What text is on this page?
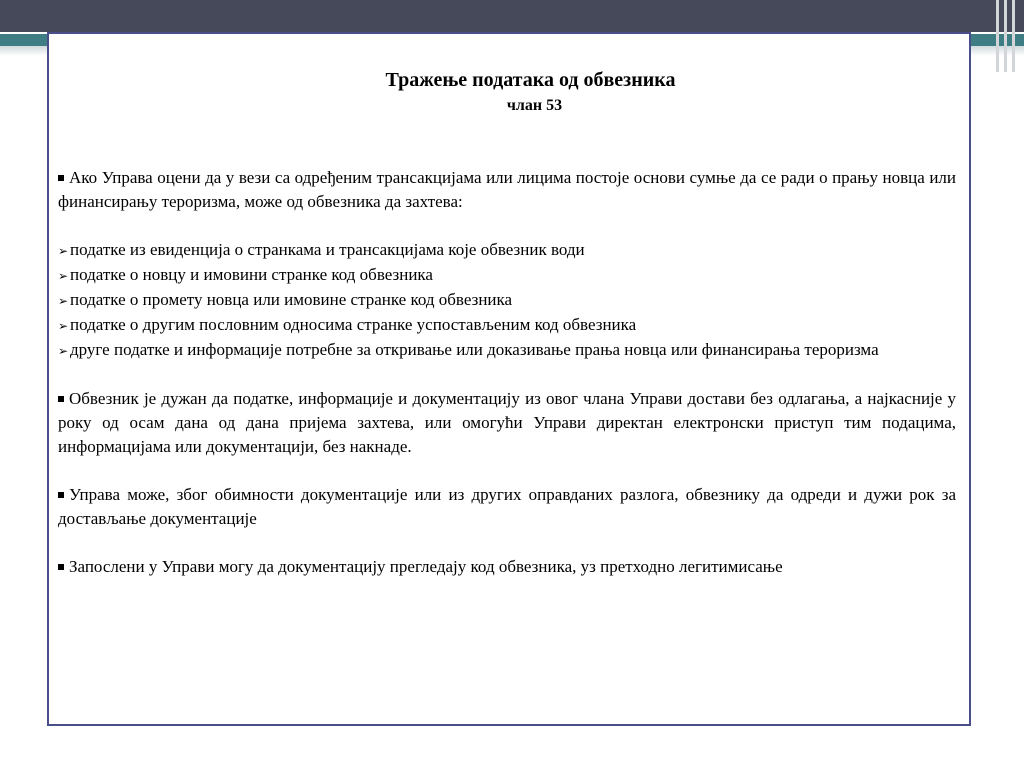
Тражење података од обвезника
члан 53
Ако Управа оцени да у вези са одређеним трансакцијама или лицима постоје основи сумње да се ради о прању новца или финансирању тероризма, може од обвезника да захтева:
➢ податке из евиденција о странкама и трансакцијама које обвезник води
➢ податке о новцу и имовини странке код обвезника
➢ податке о промету новца или имовине странке код обвезника
➢ податке о другим пословним односима странке успостављеним код обвезника
➢ друге податке и информације потребне за откривање или доказивање прања новца или финансирања тероризма
Обвезник је дужан да податке, информације и документацију из овог члана Управи достави без одлагања, а најкасније у року од осам дана од дана пријема захтева, или омогући Управи директан електронски приступ тим подацима, информацијама или документацији, без накнаде.
Управа може, због обимности документације или из других оправданих разлога, обвезнику да одреди и дужи рок за достављање документације
Запослени у Управи могу да документацију прегледају код обвезника, уз претходно легитимисање
